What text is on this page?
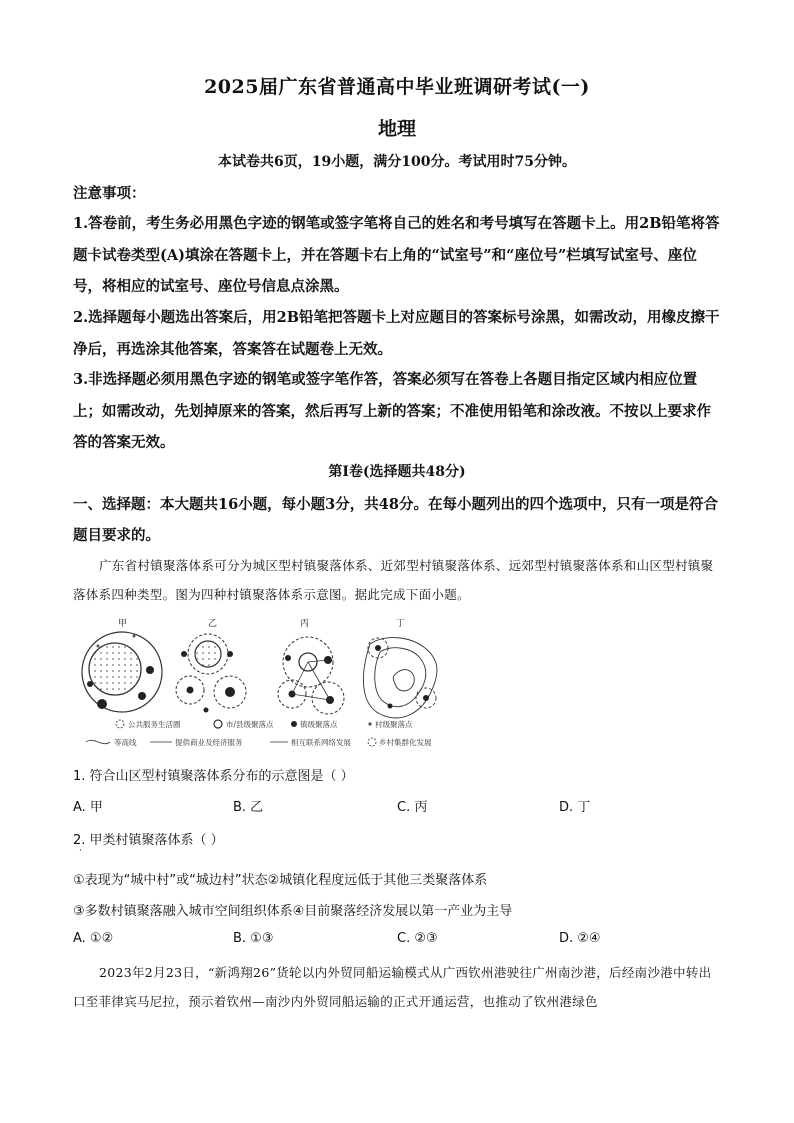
2025届广东省普通高中毕业班调研考试(一)
地理
本试卷共6页，19小题，满分100分。考试用时75分钟。
注意事项：
1.答卷前，考生务必用黑色字迹的钢笔或签字笔将自己的姓名和考号填写在答题卡上。用2B铅笔将答题卡试卷类型(A)填涂在答题卡上，并在答题卡右上角的“试室号”和“座位号”栏填写试室号、座位号，将相应的试室号、座位号信息点涂黑。
2.选择题每小题选出答案后，用2B铅笔把答题卡上对应题目的答案标号涂黑，如需改动，用橡皮擦干净后，再选涂其他答案，答案答在试题卷上无效。
3.非选择题必须用黑色字迹的钢笔或签字笔作答，答案必须写在答卷上各题目指定区域内相应位置上；如需改动，先划掉原来的答案，然后再写上新的答案；不准使用铅笔和涂改液。不按以上要求作答的答案无效。
第Ⅰ卷(选择题共48分)
一、选择题：本大题共16小题，每小题3分，共48分。在每小题列出的四个选项中，只有一项是符合题目要求的。
广东省村镇聚落体系可分为城区型村镇聚落体系、近郊型村镇聚落体系、远郊型村镇聚落体系和山区型村镇聚落体系四种类型。图为四种村镇聚落体系示意图。据此完成下面小题。
甲	乙	丙	丁
公共服务生活圈	市/县级聚落点	镇级聚落点	村级聚落点
等高线	提供商业及经济服务	相互联系网络发展	乡村集群化发展
1. 符合山区型村镇聚落体系分布的示意图是（ ）
A. 甲	B. 乙	C. 丙	D. 丁
2. 甲类村镇聚落体系（ ）
·
①表现为“城中村”或“城边村”状态②城镇化程度远低于其他三类聚落体系
③多数村镇聚落融入城市空间组织体系④目前聚落经济发展以第一产业为主导
A. ①②	B. ①③	C. ②③	D. ②④
2023年2月23日，“新鸿翔26”货轮以内外贸同船运输模式从广西钦州港驶往广州南沙港，后经南沙港中转出口至菲律宾马尼拉，预示着钦州—南沙内外贸同船运输的正式开通运营，也推动了钦州港绿色
